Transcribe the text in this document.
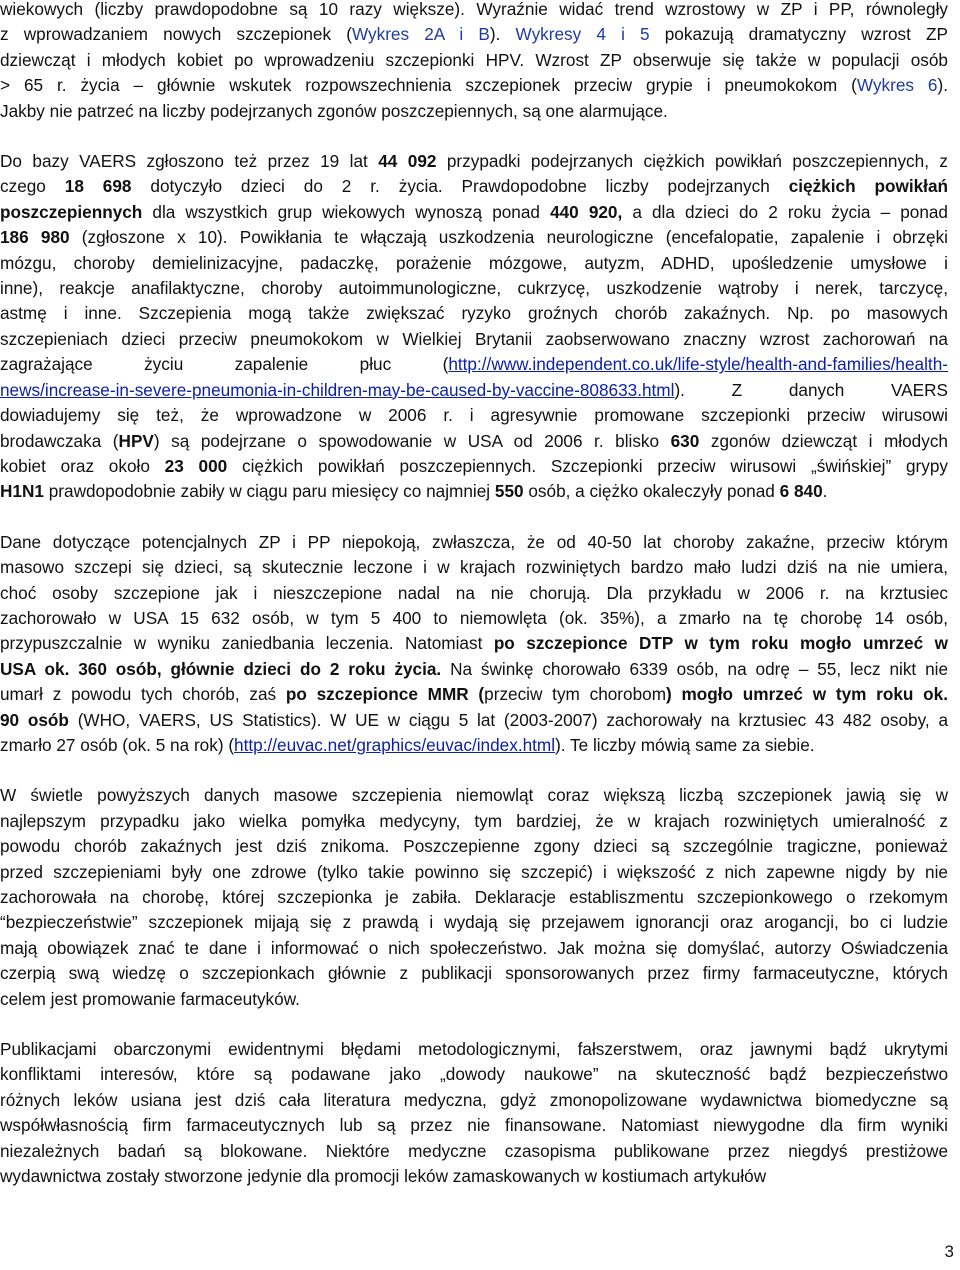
wiekowych (liczby prawdopodobne są 10 razy większe). Wyraźnie widać trend wzrostowy w ZP i PP, równoległy
z wprowadzaniem nowych szczepionek (Wykres 2A i B). Wykresy 4 i 5 pokazują dramatyczny wzrost ZP
dziewcząt i młodych kobiet po wprowadzeniu szczepionki HPV. Wzrost ZP obserwuje się także w populacji osób
> 65 r. życia – głównie wskutek rozpowszechnienia szczepionek przeciw grypie i pneumokokom (Wykres 6).
Jakby nie patrzeć na liczby podejrzanych zgonów poszczepiennych, są one alarmujące.
Do bazy VAERS zgłoszono też przez 19 lat 44 092 przypadki podejrzanych ciężkich powikłań poszczepiennych, z
czego 18 698 dotyczyło dzieci do 2 r. życia. Prawdopodobne liczby podejrzanych ciężkich powikłań
poszczepiennych dla wszystkich grup wiekowych wynoszą ponad 440 920, a dla dzieci do 2 roku życia – ponad
186 980 (zgłoszone x 10). Powikłania te włączają uszkodzenia neurologiczne (encefalopatie, zapalenie i obrzęki
mózgu, choroby demielinizacyjne, padaczkę, porażenie mózgowe, autyzm, ADHD, upośledzenie umysłowe i
inne), reakcje anafilaktyczne, choroby autoimmunologiczne, cukrzycę, uszkodzenie wątroby i nerek, tarczycę,
astmę i inne. Szczepienia mogą także zwiększać ryzyko groźnych chorób zakaźnych. Np. po masowych
szczepieniach dzieci przeciw pneumokokom w Wielkiej Brytanii zaobserwowano znaczny wzrost zachorowań na
zagrażające życiu zapalenie płuc (http://www.independent.co.uk/life-style/health-and-families/health-
news/increase-in-severe-pneumonia-in-children-may-be-caused-by-vaccine-808633.html). Z danych VAERS
dowiadujemy się też, że wprowadzone w 2006 r. i agresywnie promowane szczepionki przeciw wirusowi
brodawczaka (HPV) są podejrzane o spowodowanie w USA od 2006 r. blisko 630 zgonów dziewcząt i młodych
kobiet oraz około 23 000 ciężkich powikłań poszczepiennych. Szczepionki przeciw wirusowi „świńskiej” grypy
H1N1 prawdopodobnie zabiły w ciągu paru miesięcy co najmniej 550 osób, a ciężko okaleczyły ponad 6 840.
Dane dotyczące potencjalnych ZP i PP niepokoją, zwłaszcza, że od 40-50 lat choroby zakaźne, przeciw którym
masowo szczepi się dzieci, są skutecznie leczone i w krajach rozwiniętych bardzo mało ludzi dziś na nie umiera,
choć osoby szczepione jak i nieszczepione nadal na nie chorują. Dla przykładu w 2006 r. na krztusiec
zachorowało w USA 15 632 osób, w tym 5 400 to niemowlęta (ok. 35%), a zmarło na tę chorobę 14 osób,
przypuszczalnie w wyniku zaniedbania leczenia. Natomiast po szczepionce DTP w tym roku mogło umrzeć w
USA ok. 360 osób, głównie dzieci do 2 roku życia. Na świnkę chorowało 6339 osób, na odrę – 55, lecz nikt nie
umarł z powodu tych chorób, zaś po szczepionce MMR (przeciw tym chorobom) mogło umrzeć w tym roku ok.
90 osób (WHO, VAERS, US Statistics). W UE w ciągu 5 lat (2003-2007) zachorowały na krztusiec 43 482 osoby, a
zmarło 27 osób (ok. 5 na rok) (http://euvac.net/graphics/euvac/index.html). Te liczby mówią same za siebie.
W świetle powyższych danych masowe szczepienia niemowląt coraz większą liczbą szczepionek jawią się w
najlepszym przypadku jako wielka pomyłka medycyny, tym bardziej, że w krajach rozwiniętych umieralność z
powodu chorób zakaźnych jest dziś znikoma. Poszczepienne zgony dzieci są szczególnie tragiczne, ponieważ
przed szczepieniami były one zdrowe (tylko takie powinno się szczepić) i większość z nich zapewne nigdy by nie
zachorowała na chorobę, której szczepionka je zabiła. Deklaracje establiszmentu szczepionkowego o rzekomym
“bezpieczeństwie” szczepionek mijają się z prawdą i wydają się przejawem ignorancji oraz arogancji, bo ci ludzie
mają obowiązek znać te dane i informować o nich społeczeństwo. Jak można się domyślać, autorzy Oświadczenia
czerpią swą wiedzę o szczepionkach głównie z publikacji sponsorowanych przez firmy farmaceutyczne, których
celem jest promowanie farmaceutyków.
Publikacjami obarczonymi ewidentnymi błędami metodologicznymi, fałszerstwem, oraz jawnymi bądź ukrytymi
konfliktami interesów, które są podawane jako „dowody naukowe” na skuteczność bądź bezpieczeństwo
różnych leków usiana jest dziś cała literatura medyczna, gdyż zmonopolizowane wydawnictwa biomedyczne są
współwłasnością firm farmaceutycznych lub są przez nie finansowane. Natomiast niewygodne dla firm wyniki
niezależnych badań są blokowane. Niektóre medyczne czasopisma publikowane przez niegdyś prestiżowe
wydawnictwa zostały stworzone jedynie dla promocji leków zamaskowanych w kostiumach artykułów
3
